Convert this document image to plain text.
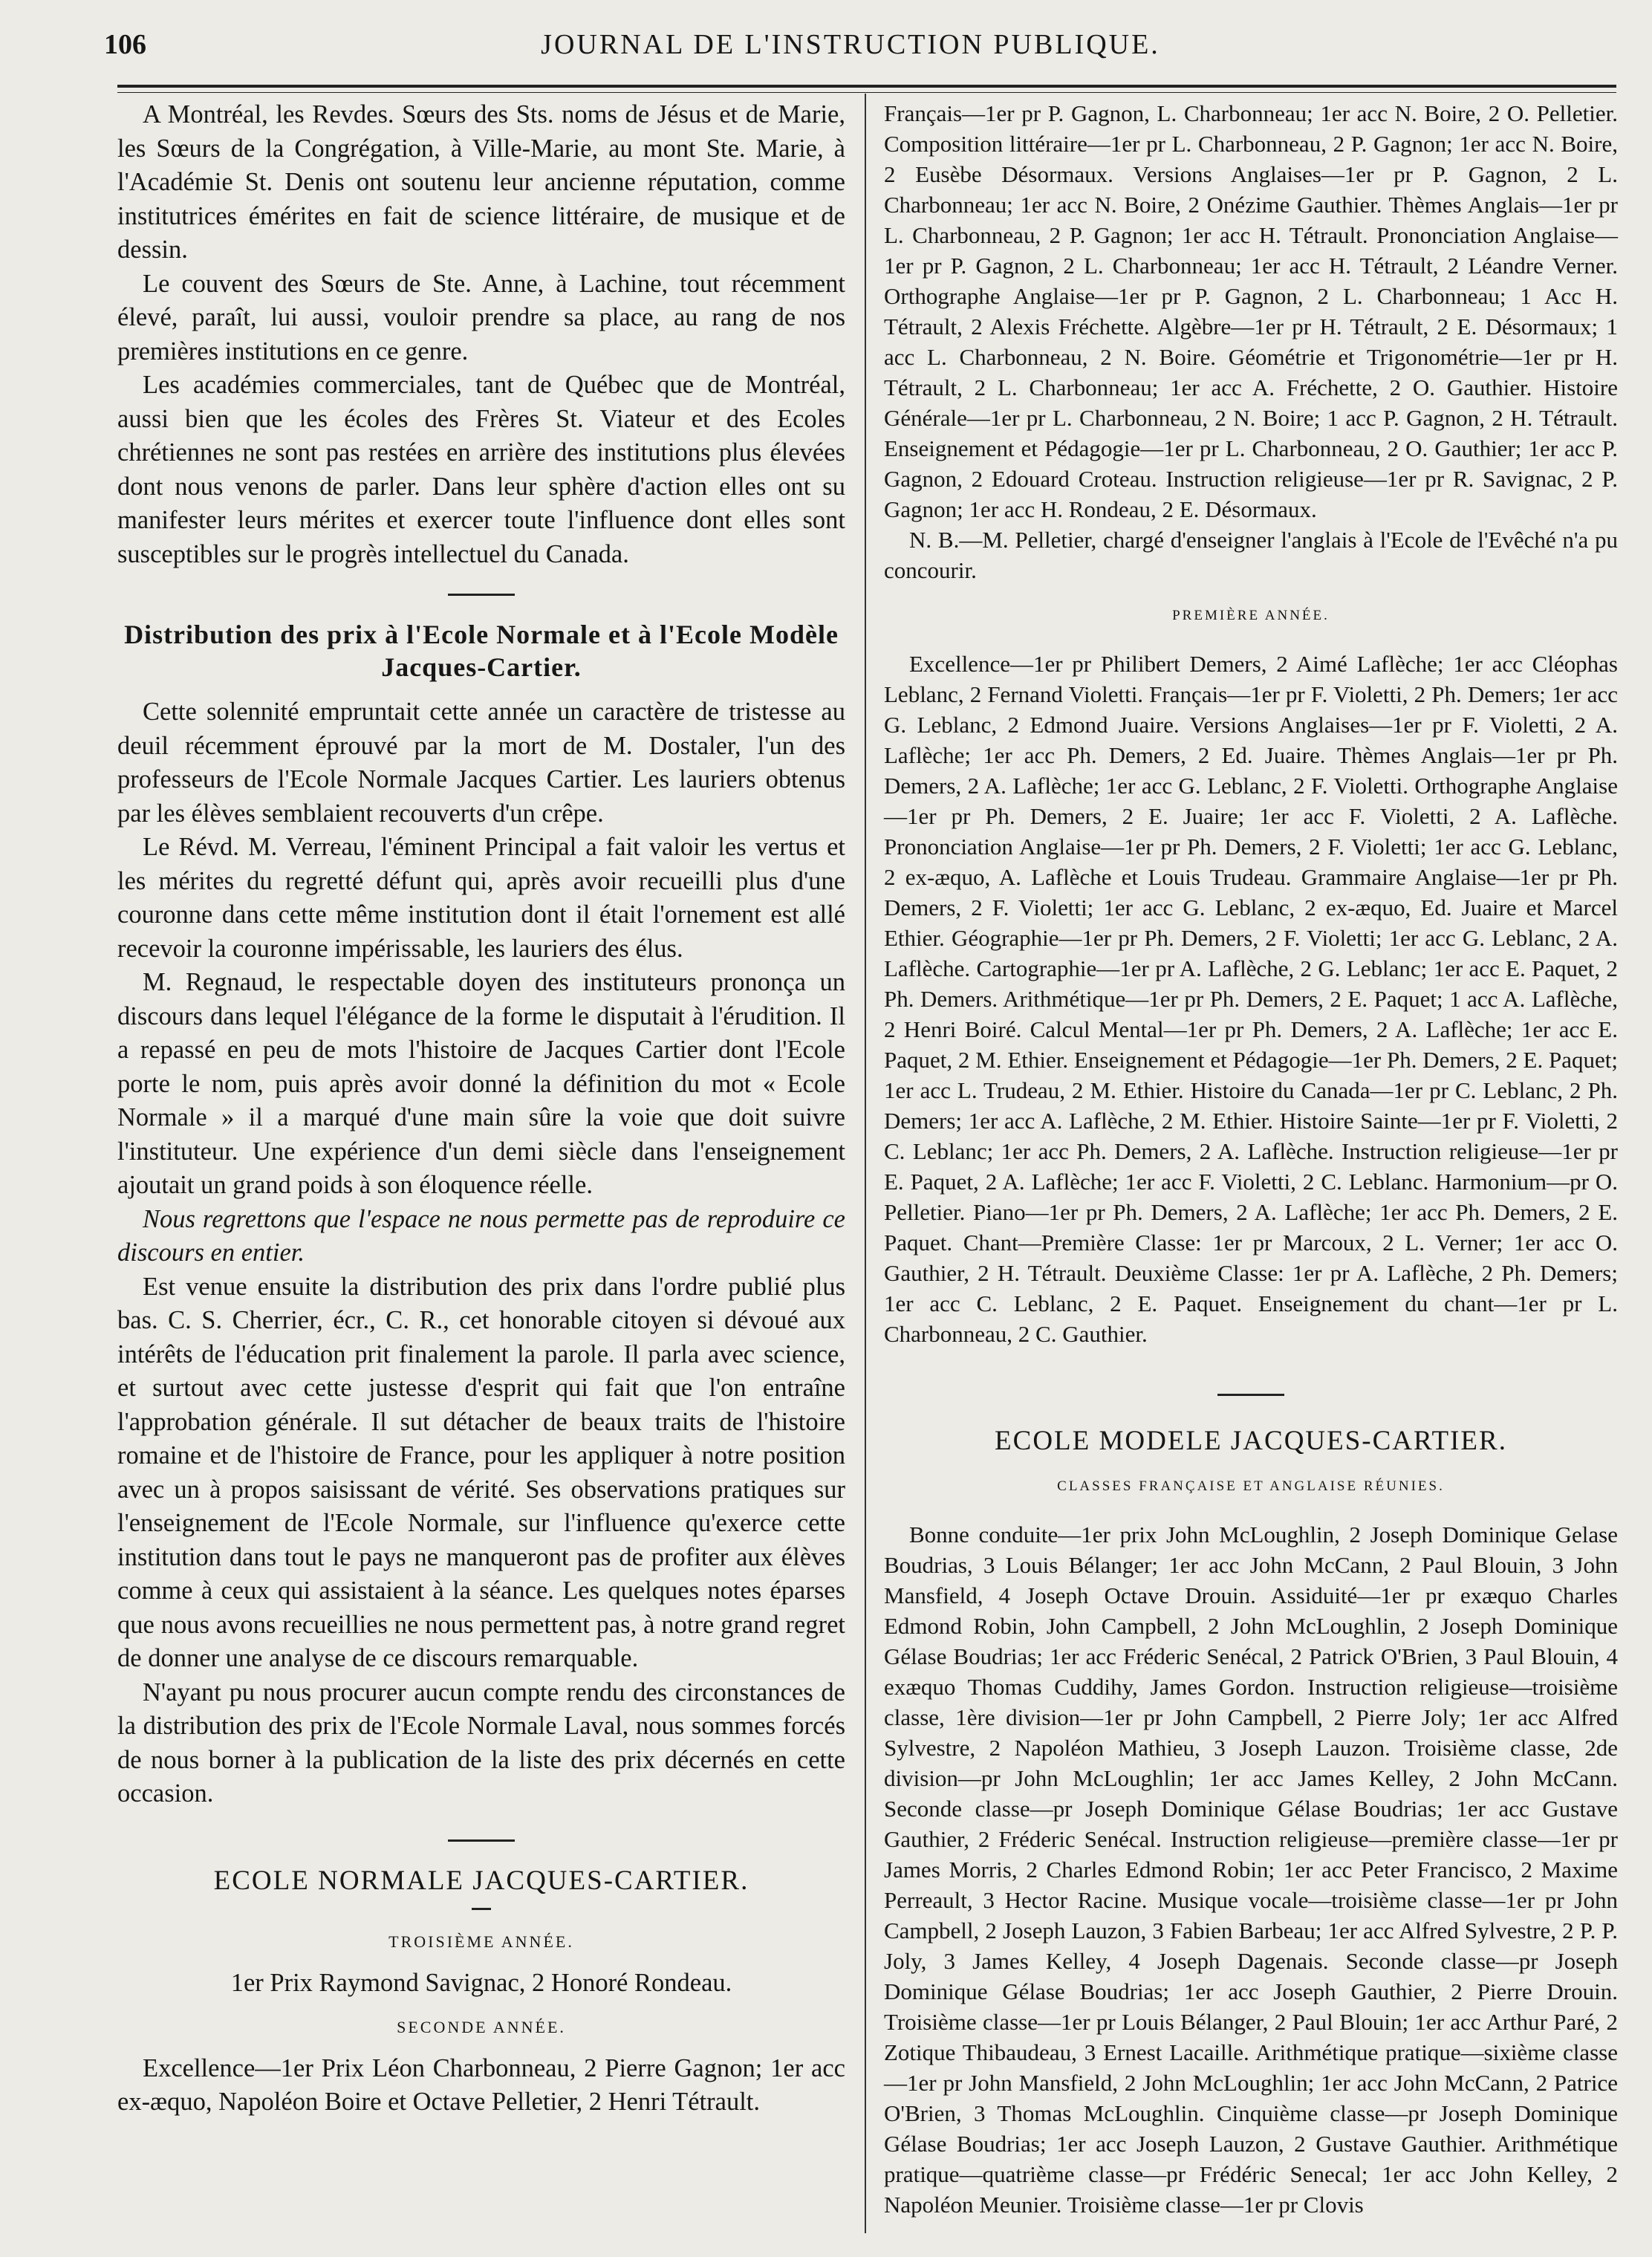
106	JOURNAL DE L'INSTRUCTION PUBLIQUE.

A Montréal, les Revdes. Sœurs des Sts. noms de Jésus et de Marie, les Sœurs de la Congrégation, à Ville-Marie, au mont Ste. Marie, à l'Académie St. Denis ont soutenu leur ancienne réputation, comme institutrices émérites en fait de science littéraire, de musique et de dessin.

Le couvent des Sœurs de Ste. Anne, à Lachine, tout récemment élevé, paraît, lui aussi, vouloir prendre sa place, au rang de nos premières institutions en ce genre.

Les académies commerciales, tant de Québec que de Montréal, aussi bien que les écoles des Frères St. Viateur et des Ecoles chrétiennes ne sont pas restées en arrière des institutions plus élevées dont nous venons de parler. Dans leur sphère d'action elles ont su manifester leurs mérites et exercer toute l'influence dont elles sont susceptibles sur le progrès intellectuel du Canada.

Distribution des prix à l'Ecole Normale et à l'Ecole Modèle Jacques-Cartier.

Cette solennité empruntait cette année un caractère de tristesse au deuil récemment éprouvé par la mort de M. Dostaler, l'un des professeurs de l'Ecole Normale Jacques Cartier. Les lauriers obtenus par les élèves semblaient recouverts d'un crêpe.

Le Révd. M. Verreau, l'éminent Principal a fait valoir les vertus et les mérites du regretté défunt qui, après avoir recueilli plus d'une couronne dans cette même institution dont il était l'ornement est allé recevoir la couronne impérissable, les lauriers des élus.

M. Regnaud, le respectable doyen des instituteurs prononça un discours dans lequel l'élégance de la forme le disputait à l'érudition. Il a repassé en peu de mots l'histoire de Jacques Cartier dont l'Ecole porte le nom, puis après avoir donné la définition du mot « Ecole Normale » il a marqué d'une main sûre la voie que doit suivre l'instituteur. Une expérience d'un demi siècle dans l'enseignement ajoutait un grand poids à son éloquence réelle.

Nous regrettons que l'espace ne nous permette pas de reproduire ce discours en entier.

Est venue ensuite la distribution des prix dans l'ordre publié plus bas. C. S. Cherrier, écr., C. R., cet honorable citoyen si dévoué aux intérêts de l'éducation prit finalement la parole. Il parla avec science, et surtout avec cette justesse d'esprit qui fait que l'on entraîne l'approbation générale. Il sut détacher de beaux traits de l'histoire romaine et de l'histoire de France, pour les appliquer à notre position avec un à propos saisissant de vérité. Ses observations pratiques sur l'enseignement de l'Ecole Normale, sur l'influence qu'exerce cette institution dans tout le pays ne manqueront pas de profiter aux élèves comme à ceux qui assistaient à la séance. Les quelques notes éparses que nous avons recueillies ne nous permettent pas, à notre grand regret de donner une analyse de ce discours remarquable.

N'ayant pu nous procurer aucun compte rendu des circonstances de la distribution des prix de l'Ecole Normale Laval, nous sommes forcés de nous borner à la publication de la liste des prix décernés en cette occasion.

ECOLE NORMALE JACQUES-CARTIER.
TROISIÈME ANNÉE.

1er Prix Raymond Savignac, 2 Honoré Rondeau.

SECONDE ANNÉE.

Excellence—1er Prix Léon Charbonneau, 2 Pierre Gagnon; 1er acc ex-æquo, Napoléon Boire et Octave Pelletier, 2 Henri Tétrault.

Français—1er pr P. Gagnon, L. Charbonneau; 1er acc N. Boire, 2 O. Pelletier. Composition littéraire—1er pr L. Charbonneau, 2 P. Gagnon; 1er acc N. Boire, 2 Eusèbe Désormaux. Versions Anglaises—1er pr P. Gagnon, 2 L. Charbonneau; 1er acc N. Boire, 2 Onézime Gauthier. Thèmes Anglais—1er pr L. Charbonneau, 2 P. Gagnon; 1er acc H. Tétrault. Prononciation Anglaise—1er pr P. Gagnon, 2 L. Charbonneau; 1er acc H. Tétrault, 2 Léandre Verner. Orthographe Anglaise—1er pr P. Gagnon, 2 L. Charbonneau; 1 Acc H. Tétrault, 2 Alexis Fréchette. Algèbre—1er pr H. Tétrault, 2 E. Désormaux; 1 acc L. Charbonneau, 2 N. Boire. Géométrie et Trigonométrie—1er pr H. Tétrault, 2 L. Charbonneau; 1er acc A. Fréchette, 2 O. Gauthier. Histoire Générale—1er pr L. Charbonneau, 2 N. Boire; 1 acc P. Gagnon, 2 H. Tétrault. Enseignement et Pédagogie—1er pr L. Charbonneau, 2 O. Gauthier; 1er acc P. Gagnon, 2 Edouard Croteau. Instruction religieuse—1er pr R. Savignac, 2 P. Gagnon; 1er acc H. Rondeau, 2 E. Désormaux.

N. B.—M. Pelletier, chargé d'enseigner l'anglais à l'Ecole de l'Evêché n'a pu concourir.

PREMIÈRE ANNÉE.

Excellence—1er pr Philibert Demers, 2 Aimé Laflèche; 1er acc Cléophas Leblanc, 2 Fernand Violetti. Français—1er pr F. Violetti, 2 Ph. Demers; 1er acc G. Leblanc, 2 Edmond Juaire. Versions Anglaises—1er pr F. Violetti, 2 A. Laflèche; 1er acc Ph. Demers, 2 Ed. Juaire. Thèmes Anglais—1er pr Ph. Demers, 2 A. Laflèche; 1er acc G. Leblanc, 2 F. Violetti. Orthographe Anglaise—1er pr Ph. Demers, 2 E. Juaire; 1er acc F. Violetti, 2 A. Laflèche. Prononciation Anglaise—1er pr Ph. Demers, 2 F. Violetti; 1er acc G. Leblanc, 2 ex-æquo, A. Laflèche et Louis Trudeau. Grammaire Anglaise—1er pr Ph. Demers, 2 F. Violetti; 1er acc G. Leblanc, 2 ex-æquo, Ed. Juaire et Marcel Ethier. Géographie—1er pr Ph. Demers, 2 F. Violetti; 1er acc G. Leblanc, 2 A. Laflèche. Cartographie—1er pr A. Laflèche, 2 G. Leblanc; 1er acc E. Paquet, 2 Ph. Demers. Arithmétique—1er pr Ph. Demers, 2 E. Paquet; 1 acc A. Laflèche, 2 Henri Boiré. Calcul Mental—1er pr Ph. Demers, 2 A. Laflèche; 1er acc E. Paquet, 2 M. Ethier. Enseignement et Pédagogie—1er Ph. Demers, 2 E. Paquet; 1er acc L. Trudeau, 2 M. Ethier. Histoire du Canada—1er pr C. Leblanc, 2 Ph. Demers; 1er acc A. Laflèche, 2 M. Ethier. Histoire Sainte—1er pr F. Violetti, 2 C. Leblanc; 1er acc Ph. Demers, 2 A. Laflèche. Instruction religieuse—1er pr E. Paquet, 2 A. Laflèche; 1er acc F. Violetti, 2 C. Leblanc. Harmonium—pr O. Pelletier. Piano—1er pr Ph. Demers, 2 A. Laflèche; 1er acc Ph. Demers, 2 E. Paquet. Chant—Première Classe: 1er pr Marcoux, 2 L. Verner; 1er acc O. Gauthier, 2 H. Tétrault. Deuxième Classe: 1er pr A. Laflèche, 2 Ph. Demers; 1er acc C. Leblanc, 2 E. Paquet. Enseignement du chant—1er pr L. Charbonneau, 2 C. Gauthier.

ECOLE MODELE JACQUES-CARTIER.
CLASSES FRANÇAISE ET ANGLAISE RÉUNIES.

Bonne conduite—1er prix John McLoughlin, 2 Joseph Dominique Gelase Boudrias, 3 Louis Bélanger; 1er acc John McCann, 2 Paul Blouin, 3 John Mansfield, 4 Joseph Octave Drouin. Assiduité—1er pr exæquo Charles Edmond Robin, John Campbell, 2 John McLoughlin, 2 Joseph Dominique Gélase Boudrias; 1er acc Fréderic Senécal, 2 Patrick O'Brien, 3 Paul Blouin, 4 exæquo Thomas Cuddihy, James Gordon. Instruction religieuse—troisième classe, 1ère division—1er pr John Campbell, 2 Pierre Joly; 1er acc Alfred Sylvestre, 2 Napoléon Mathieu, 3 Joseph Lauzon. Troisième classe, 2de division—pr John McLoughlin; 1er acc James Kelley, 2 John McCann. Seconde classe—pr Joseph Dominique Gélase Boudrias; 1er acc Gustave Gauthier, 2 Fréderic Senécal. Instruction religieuse—première classe—1er pr James Morris, 2 Charles Edmond Robin; 1er acc Peter Francisco, 2 Maxime Perreault, 3 Hector Racine. Musique vocale—troisième classe—1er pr John Campbell, 2 Joseph Lauzon, 3 Fabien Barbeau; 1er acc Alfred Sylvestre, 2 P. P. Joly, 3 James Kelley, 4 Joseph Dagenais. Seconde classe—pr Joseph Dominique Gélase Boudrias; 1er acc Joseph Gauthier, 2 Pierre Drouin. Troisième classe—1er pr Louis Bélanger, 2 Paul Blouin; 1er acc Arthur Paré, 2 Zotique Thibaudeau, 3 Ernest Lacaille. Arithmétique pratique—sixième classe—1er pr John Mansfield, 2 John McLoughlin; 1er acc John McCann, 2 Patrice O'Brien, 3 Thomas McLoughlin. Cinquième classe—pr Joseph Dominique Gélase Boudrias; 1er acc Joseph Lauzon, 2 Gustave Gauthier. Arithmétique pratique—quatrième classe—pr Frédéric Senecal; 1er acc John Kelley, 2 Napoléon Meunier. Troisième classe—1er pr Clovis
